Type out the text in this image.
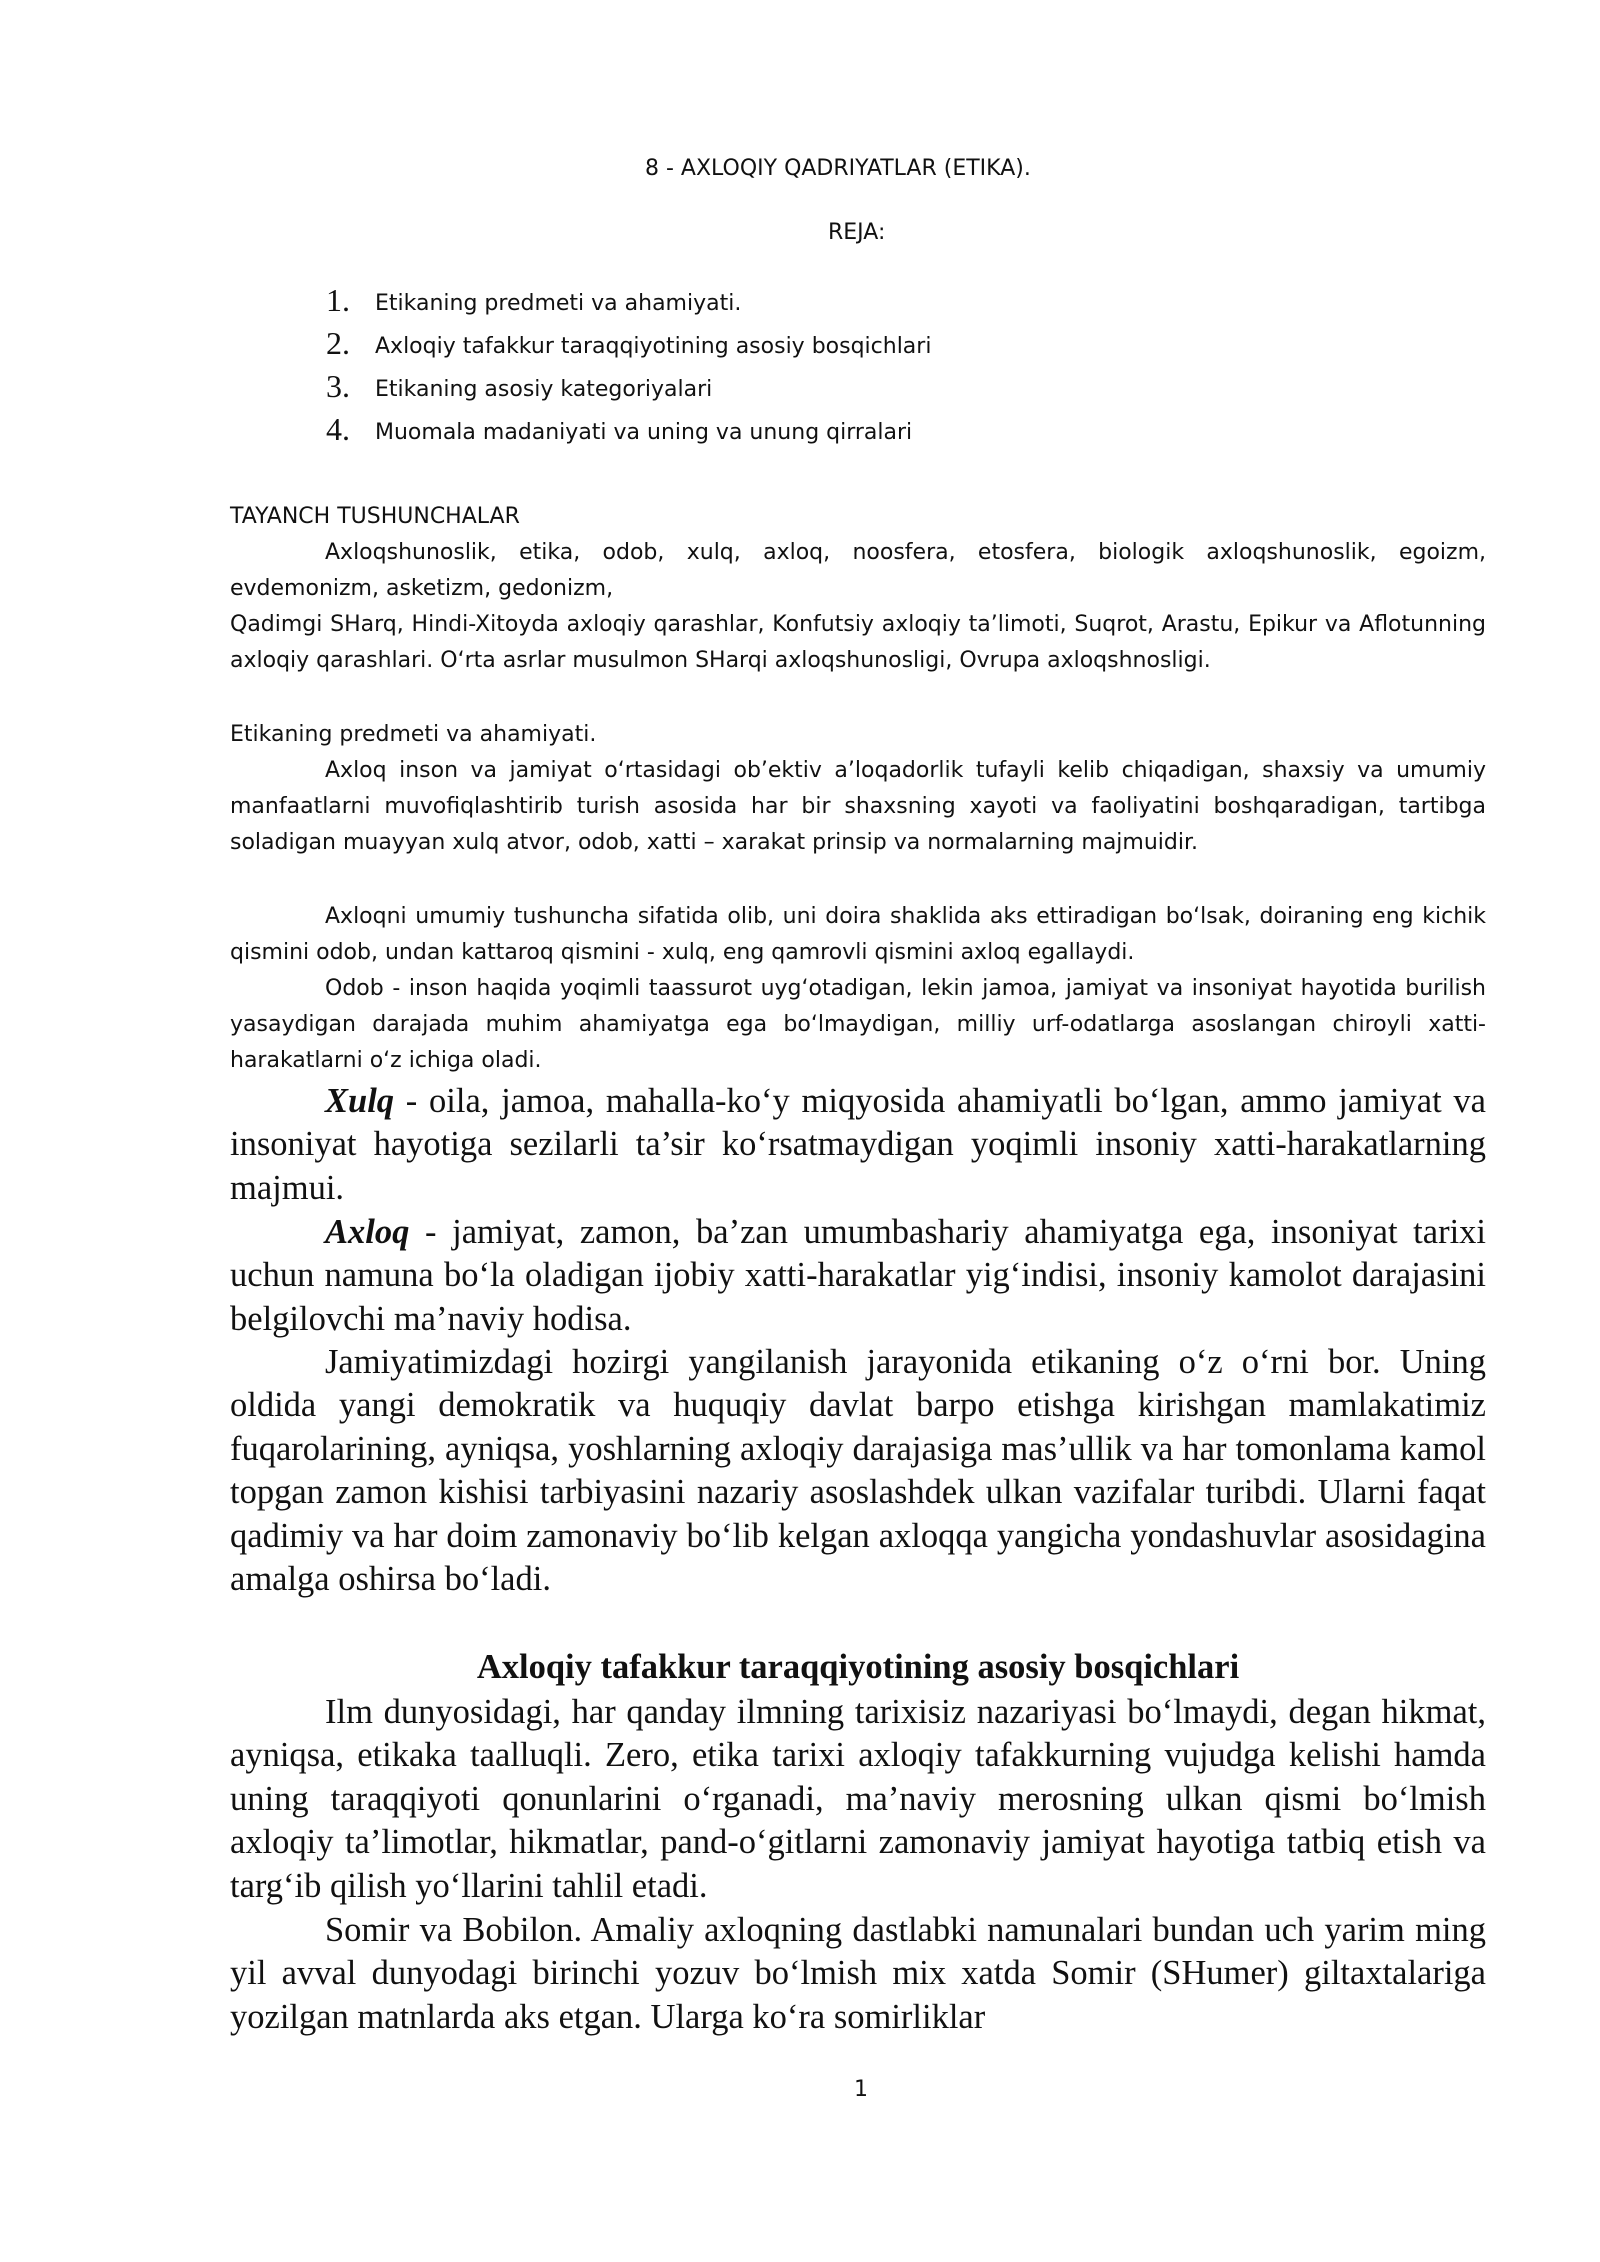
8 - AXLOQIY QADRIYATLAR (ETIKA).
REJA:
1. Etikaning predmeti va ahamiyati.
2. Axloqiy tafakkur taraqqiyotining asosiy bosqichlari
3. Etikaning asosiy kategoriyalari
4. Muomala madaniyati va uning va unung qirralari
TAYANCH TUSHUNCHALAR
Axloqshunoslik, etika, odob, xulq, axloq, noosfera, etosfera, biologik axloqshunoslik, egoizm, evdemonizm, asketizm, gedonizm,
Qadimgi SHarq, Hindi-Xitoyda axloqiy qarashlar, Konfutsiy axloqiy ta’limoti, Suqrot, Arastu, Epikur va Aflotunning axloqiy qarashlari. O‘rta asrlar musulmon SHarqi axloqshunosligi, Ovrupa axloqshnosligi.
Etikaning predmeti va ahamiyati.
Axloq inson va jamiyat o‘rtasidagi ob’ektiv a’loqadorlik tufayli kelib chiqadigan, shaxsiy va umumiy manfaatlarni muvofiqlashtirib turish asosida har bir shaxsning xayoti va faoliyatini boshqaradigan, tartibga soladigan muayyan xulq atvor, odob, xatti – xarakat prinsip va normalarning majmuidir.
Axloqni umumiy tushuncha sifatida olib, uni doira shaklida aks ettiradigan bo‘lsak, doiraning eng kichik qismini odob, undan kattaroq qismini - xulq, eng qamrovli qismini axloq egallaydi.
Odob - inson haqida yoqimli taassurot uyg‘otadigan, lekin jamoa, jamiyat va insoniyat hayotida burilish yasaydigan darajada muhim ahamiyatga ega bo‘lmaydigan, milliy urf-odatlarga asoslangan chiroyli xatti-harakatlarni o‘z ichiga oladi.
Xulq - oila, jamoa, mahalla-ko‘y miqyosida ahamiyatli bo‘lgan, ammo jamiyat va insoniyat hayotiga sezilarli ta’sir ko‘rsatmaydigan yoqimli insoniy xatti-harakatlarning majmui.
Axloq - jamiyat, zamon, ba’zan umumbashariy ahamiyatga ega, insoniyat tarixi uchun namuna bo‘la oladigan ijobiy xatti-harakatlar yig‘indisi, insoniy kamolot darajasini belgilovchi ma’naviy hodisa.
Jamiyatimizdagi hozirgi yangilanish jarayonida etikaning o‘z o‘rni bor. Uning oldida yangi demokratik va huquqiy davlat barpo etishga kirishgan mamlakatimiz fuqarolarining, ayniqsa, yoshlarning axloqiy darajasiga mas’ullik va har tomonlama kamol topgan zamon kishisi tarbiyasini nazariy asoslashdek ulkan vazifalar turibdi. Ularni faqat qadimiy va har doim zamonaviy bo‘lib kelgan axloqqa yangicha yondashuvlar asosidagina amalga oshirsa bo‘ladi.
Axloqiy tafakkur taraqqiyotining asosiy bosqichlari
Ilm dunyosidagi, har qanday ilmning tarixisiz nazariyasi bo‘lmaydi, degan hikmat, ayniqsa, etikaka taalluqli. Zero, etika tarixi axloqiy tafakkurning vujudga kelishi hamda uning taraqqiyoti qonunlarini o‘rganadi, ma’naviy merosning ulkan qismi bo‘lmish axloqiy ta’limotlar, hikmatlar, pand-o‘gitlarni zamonaviy jamiyat hayotiga tatbiq etish va targ‘ib qilish yo‘llarini tahlil etadi.
Somir va Bobilon. Amaliy axloqning dastlabki namunalari bundan uch yarim ming yil avval dunyodagi birinchi yozuv bo‘lmish mix xatda Somir (SHumer) giltaxtalariga yozilgan matnlarda aks etgan. Ularga ko‘ra somirliklar
1
